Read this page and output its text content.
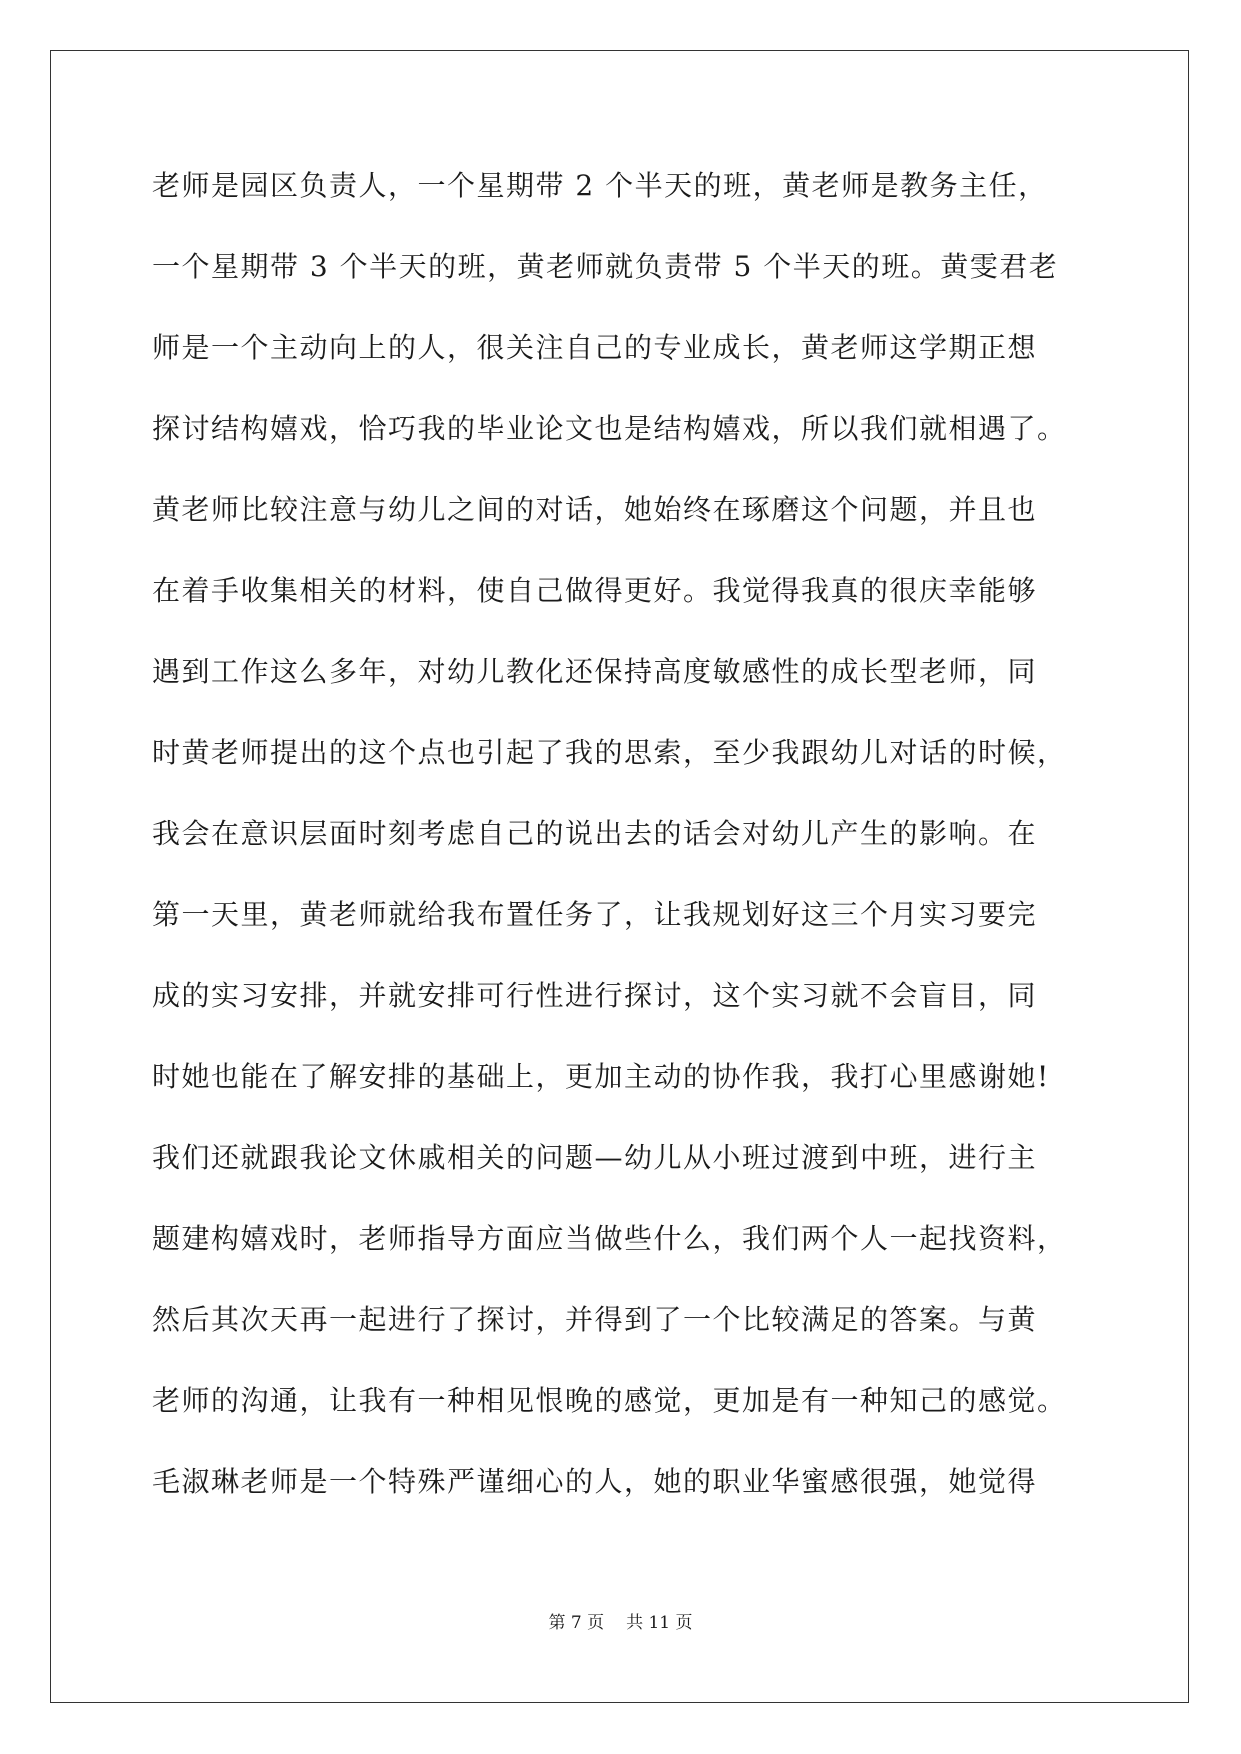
老师是园区负责人，一个星期带 2 个半天的班，黄老师是教务主任，
一个星期带 3 个半天的班，黄老师就负责带 5 个半天的班。黄雯君老
师是一个主动向上的人，很关注自己的专业成长，黄老师这学期正想
探讨结构嬉戏，恰巧我的毕业论文也是结构嬉戏，所以我们就相遇了。
黄老师比较注意与幼儿之间的对话，她始终在琢磨这个问题，并且也
在着手收集相关的材料，使自己做得更好。我觉得我真的很庆幸能够
遇到工作这么多年，对幼儿教化还保持高度敏感性的成长型老师，同
时黄老师提出的这个点也引起了我的思索，至少我跟幼儿对话的时候，
我会在意识层面时刻考虑自己的说出去的话会对幼儿产生的影响。在
第一天里，黄老师就给我布置任务了，让我规划好这三个月实习要完
成的实习安排，并就安排可行性进行探讨，这个实习就不会盲目，同
时她也能在了解安排的基础上，更加主动的协作我，我打心里感谢她!
我们还就跟我论文休戚相关的问题—幼儿从小班过渡到中班，进行主
题建构嬉戏时，老师指导方面应当做些什么，我们两个人一起找资料，
然后其次天再一起进行了探讨，并得到了一个比较满足的答案。与黄
老师的沟通，让我有一种相见恨晚的感觉，更加是有一种知己的感觉。
毛淑琳老师是一个特殊严谨细心的人，她的职业华蜜感很强，她觉得
第 7 页 共 11 页
